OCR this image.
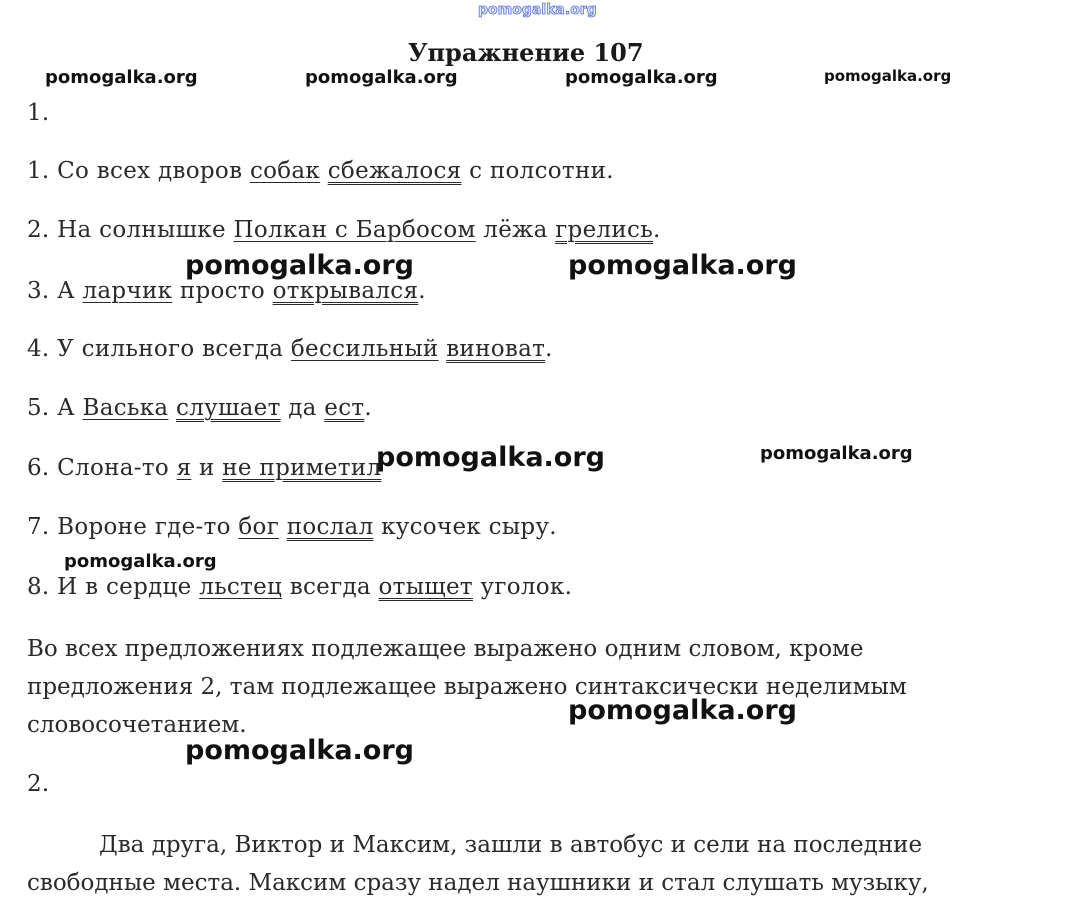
pomogalka.org
Упражнение 107
1.
1. Со всех дворов собак сбежалося с полсотни.
2. На солнышке Полкан с Барбосом лёжа грелись.
3. А ларчик просто открывался.
4. У сильного всегда бессильный виноват.
5. А Васька слушает да ест.
6. Слона-то я и не приметил
7. Вороне где-то бог послал кусочек сыру.
8. И в сердце льстец всегда отыщет уголок.
Во всех предложениях подлежащее выражено одним словом, кроме
предложения 2, там подлежащее выражено синтаксически неделимым
словосочетанием.
2.
Два друга, Виктор и Максим, зашли в автобус и сели на последние
свободные места. Максим сразу надел наушники и стал слушать музыку,
pomogalka.org	pomogalka.org	pomogalka.org	pomogalka.org
pomogalka.org	pomogalka.org
pomogalka.org	pomogalka.org
pomogalka.org
pomogalka.org
pomogalka.org
